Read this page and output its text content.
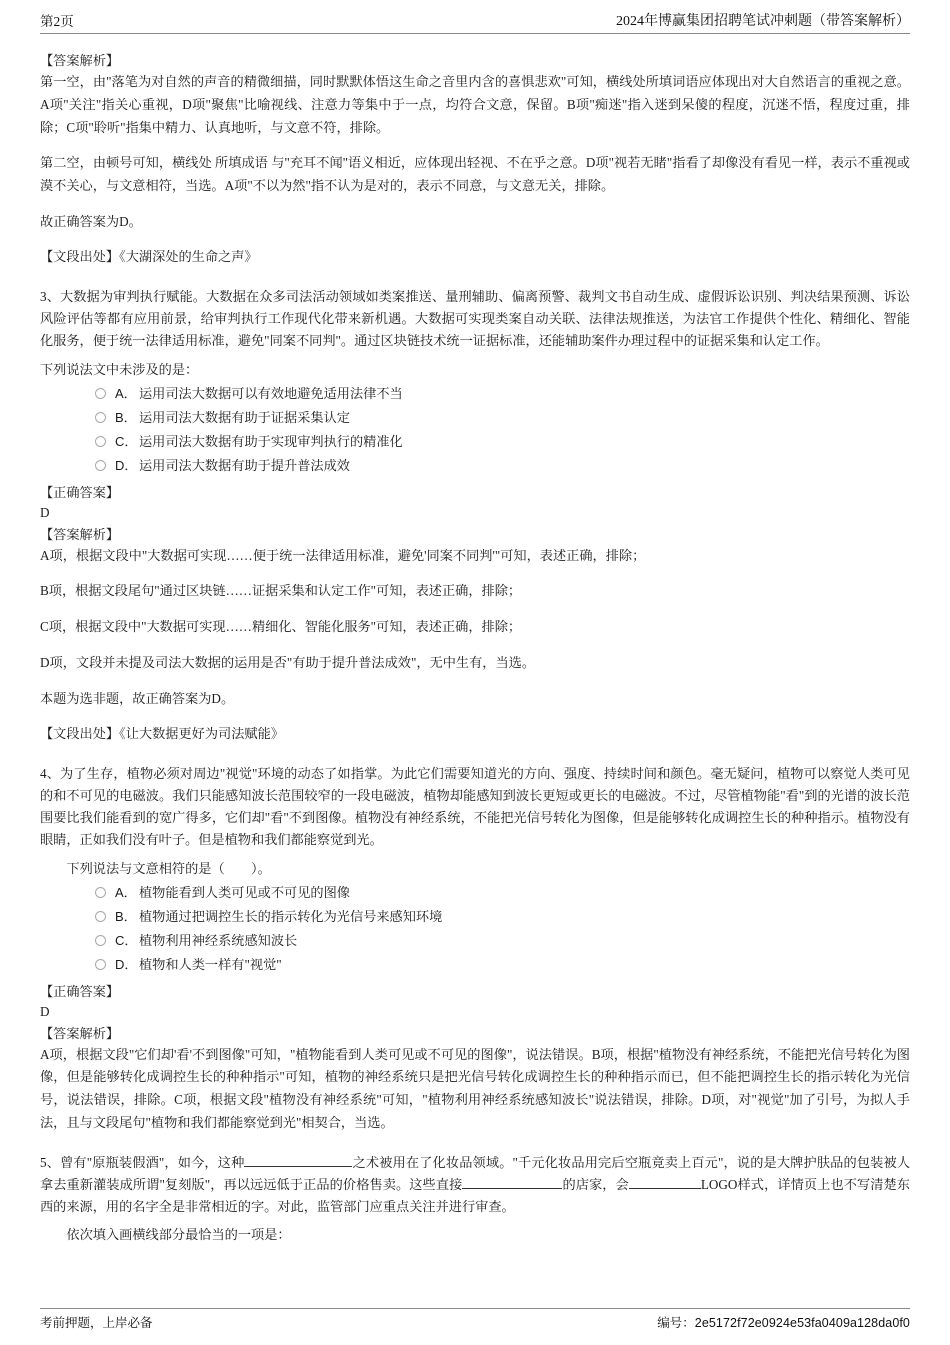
第2页	2024年博赢集团招聘笔试冲刺题（带答案解析）

【答案解析】

第一空，由"落笔为对自然的声音的精微细描，同时默默体悟这生命之音里内含的喜惧悲欢"可知，横线处所填词语应体现出对大自然语言的重视之意。A项"关注"指关心重视，D项"聚焦"比喻视线、注意力等集中于一点，均符合文意，保留。B项"痴迷"指入迷到呆傻的程度，沉迷不悟，程度过重，排除；C项"聆听"指集中精力、认真地听，与文意不符，排除。

第二空，由顿号可知，横线处 所填成语 与"充耳不闻"语义相近，应体现出轻视、不在乎之意。D项"视若无睹"指看了却像没有看见一样，表示不重视或漠不关心，与文意相符，当选。A项"不以为然"指不认为是对的，表示不同意，与文意无关，排除。

故正确答案为D。

【文段出处】《大湖深处的生命之声》

3、大数据为审判执行赋能。大数据在众多司法活动领域如类案推送、量刑辅助、偏离预警、裁判文书自动生成、虚假诉讼识别、判决结果预测、诉讼风险评估等都有应用前景，给审判执行工作现代化带来新机遇。大数据可实现类案自动关联、法律法规推送，为法官工作提供个性化、精细化、智能化服务，便于统一法律适用标准，避免"同案不同判"。通过区块链技术统一证据标准，还能辅助案件办理过程中的证据采集和认定工作。

下列说法文中未涉及的是：

A． 运用司法大数据可以有效地避免适用法律不当
B． 运用司法大数据有助于证据采集认定
C． 运用司法大数据有助于实现审判执行的精准化
D． 运用司法大数据有助于提升普法成效

【正确答案】

D

【答案解析】

A项，根据文段中"大数据可实现……便于统一法律适用标准，避免'同案不同判'"可知，表述正确，排除；

B项，根据文段尾句"通过区块链……证据采集和认定工作"可知，表述正确，排除；

C项，根据文段中"大数据可实现……精细化、智能化服务"可知，表述正确，排除；

D项，文段并未提及司法大数据的运用是否"有助于提升普法成效"，无中生有，当选。

本题为选非题，故正确答案为D。

【文段出处】《让大数据更好为司法赋能》

4、为了生存，植物必须对周边"视觉"环境的动态了如指掌。为此它们需要知道光的方向、强度、持续时间和颜色。毫无疑问，植物可以察觉人类可见的和不可见的电磁波。我们只能感知波长范围较窄的一段电磁波，植物却能感知到波长更短或更长的电磁波。不过，尽管植物能"看"到的光谱的波长范围要比我们能看到的宽广得多，它们却"看"不到图像。植物没有神经系统，不能把光信号转化为图像，但是能够转化成调控生长的种种指示。植物没有眼睛，正如我们没有叶子。但是植物和我们都能察觉到光。

下列说法与文意相符的是（　　）。

A． 植物能看到人类可见或不可见的图像
B． 植物通过把调控生长的指示转化为光信号来感知环境
C． 植物利用神经系统感知波长
D． 植物和人类一样有"视觉"

【正确答案】

D

【答案解析】

A项，根据文段"它们却'看'不到图像"可知，"植物能看到人类可见或不可见的图像"，说法错误。B项，根据"植物没有神经系统，不能把光信号转化为图像，但是能够转化成调控生长的种种指示"可知，植物的神经系统只是把光信号转化成调控生长的种种指示而已，但不能把调控生长的指示转化为光信号，说法错误，排除。C项，根据文段"植物没有神经系统"可知，"植物利用神经系统感知波长"说法错误，排除。D项，对"视觉"加了引号，为拟人手法，且与文段尾句"植物和我们都能察觉到光"相契合，当选。

5、曾有"原瓶装假酒"，如今，这种	之术被用在了化妆品领域。"千元化妆品用完后空瓶竟卖上百元"，说的是大牌护肤品的包装被人拿去重新灌装成所谓"复刻版"，再以远远低于正品的价格售卖。这些直接	的店家，会	LOGO样式，详情页上也不写清楚东西的来源，用的名字全是非常相近的字。对此，监管部门应重点关注并进行审查。

依次填入画横线部分最恰当的一项是：

考前押题，上岸必备	编号：2e5172f72e0924e53fa0409a128da0f0
